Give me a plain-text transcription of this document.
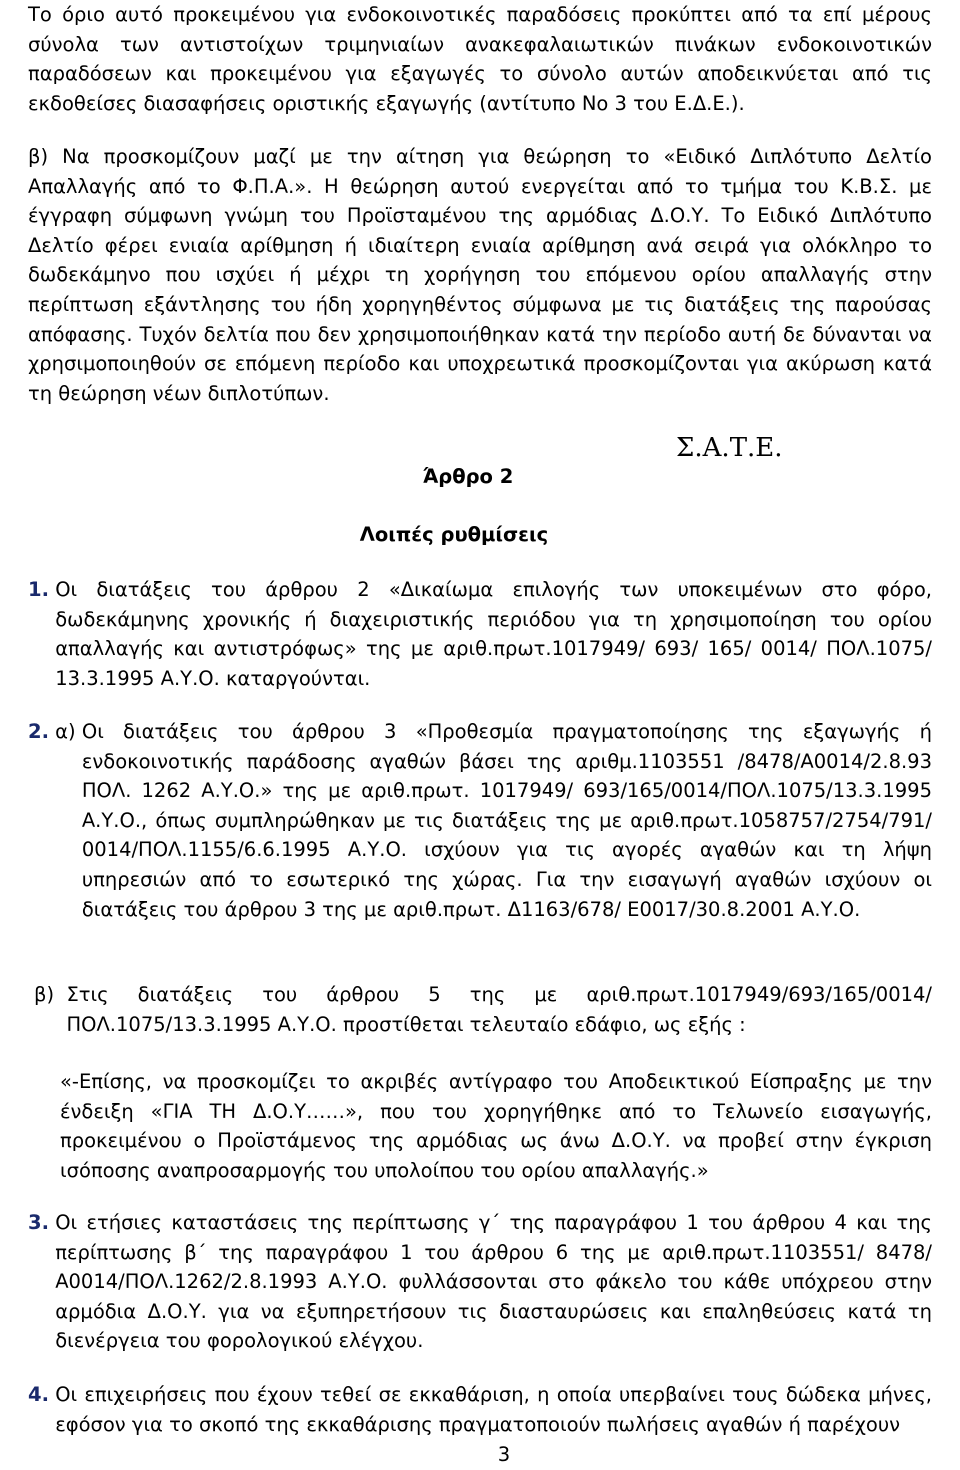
Το όριο αυτό προκειμένου για ενδοκοινοτικές παραδόσεις προκύπτει από τα επί μέρους σύνολα των αντιστοίχων τριμηνιαίων ανακεφαλαιωτικών πινάκων ενδοκοινοτικών παραδόσεων και προκειμένου για εξαγωγές το σύνολο αυτών αποδεικνύεται από τις εκδοθείσες διασαφήσεις οριστικής εξαγωγής (αντίτυπο Νο 3 του Ε.Δ.Ε.).

β) Να προσκομίζουν μαζί με την αίτηση για θεώρηση το «Ειδικό Διπλότυπο Δελτίο Απαλλαγής από το Φ.Π.Α.». Η θεώρηση αυτού ενεργείται από το τμήμα του Κ.Β.Σ. με έγγραφη σύμφωνη γνώμη του Προϊσταμένου της αρμόδιας Δ.Ο.Υ. Το Ειδικό Διπλότυπο Δελτίο φέρει ενιαία αρίθμηση ή ιδιαίτερη ενιαία αρίθμηση ανά σειρά για ολόκληρο το δωδεκάμηνο που ισχύει ή μέχρι τη χορήγηση του επόμενου ορίου απαλλαγής στην περίπτωση εξάντλησης του ήδη χορηγηθέντος σύμφωνα με τις διατάξεις της παρούσας απόφασης. Τυχόν δελτία που δεν χρησιμοποιήθηκαν κατά την περίοδο αυτή δε δύνανται να χρησιμοποιηθούν σε επόμενη περίοδο και υποχρεωτικά προσκομίζονται για ακύρωση κατά τη θεώρηση νέων διπλοτύπων.

Σ.Α.Τ.Ε.
Άρθρο 2
Λοιπές ρυθμίσεις
1.
Οι διατάξεις του άρθρου 2 «Δικαίωμα επιλογής των υποκειμένων στο φόρο, δωδεκάμηνης χρονικής ή διαχειριστικής περιόδου για τη χρησιμοποίηση του ορίου απαλλαγής και αντιστρόφως» της με αριθ.πρωτ.1017949/ 693/ 165/ 0014/ ΠΟΛ.1075/ 13.3.1995 Α.Υ.Ο. καταργούνται.
2. α) Οι διατάξεις του άρθρου 3 «Προθεσμία πραγματοποίησης της εξαγωγής ή ενδοκοινοτικής παράδοσης αγαθών βάσει της αριθμ.1103551 /8478/Α0014/2.8.93 ΠΟΛ. 1262 Α.Υ.Ο.» της με αριθ.πρωτ. 1017949/ 693/165/0014/ΠΟΛ.1075/13.3.1995 Α.Υ.Ο., όπως συμπληρώθηκαν με τις διατάξεις της με αριθ.πρωτ.1058757/2754/791/ 0014/ΠΟΛ.1155/6.6.1995 Α.Υ.Ο. ισχύουν για τις αγορές αγαθών και τη λήψη υπηρεσιών από το εσωτερικό της χώρας. Για την εισαγωγή αγαθών ισχύουν οι διατάξεις του άρθρου 3 της με αριθ.πρωτ. Δ1163/678/ Ε0017/30.8.2001 Α.Υ.Ο.
β) Στις διατάξεις του άρθρου 5 της με αριθ.πρωτ.1017949/693/165/0014/ ΠΟΛ.1075/13.3.1995 Α.Υ.Ο. προστίθεται τελευταίο εδάφιο, ως εξής :

«-Επίσης, να προσκομίζει το ακριβές αντίγραφο του Αποδεικτικού Είσπραξης με την ένδειξη «ΓΙΑ ΤΗ Δ.Ο.Υ……», που του χορηγήθηκε από το Τελωνείο εισαγωγής, προκειμένου ο Προϊστάμενος της αρμόδιας ως άνω Δ.Ο.Υ. να προβεί στην έγκριση ισόποσης αναπροσαρμογής του υπολοίπου του ορίου απαλλαγής.»

3.
Οι ετήσιες καταστάσεις της περίπτωσης γ΄ της παραγράφου 1 του άρθρου 4 και της περίπτωσης β΄ της παραγράφου 1 του άρθρου 6 της με αριθ.πρωτ.1103551/ 8478/Α0014/ΠΟΛ.1262/2.8.1993 Α.Υ.Ο. φυλλάσσονται στο φάκελο του κάθε υπόχρεου στην αρμόδια Δ.Ο.Υ. για να εξυπηρετήσουν τις διασταυρώσεις και επαληθεύσεις κατά τη διενέργεια του φορολογικού ελέγχου.
4.
Οι επιχειρήσεις που έχουν τεθεί σε εκκαθάριση, η οποία υπερβαίνει τους δώδεκα μήνες, εφόσον για το σκοπό της εκκαθάρισης πραγματοποιούν πωλήσεις αγαθών ή παρέχουν
3
